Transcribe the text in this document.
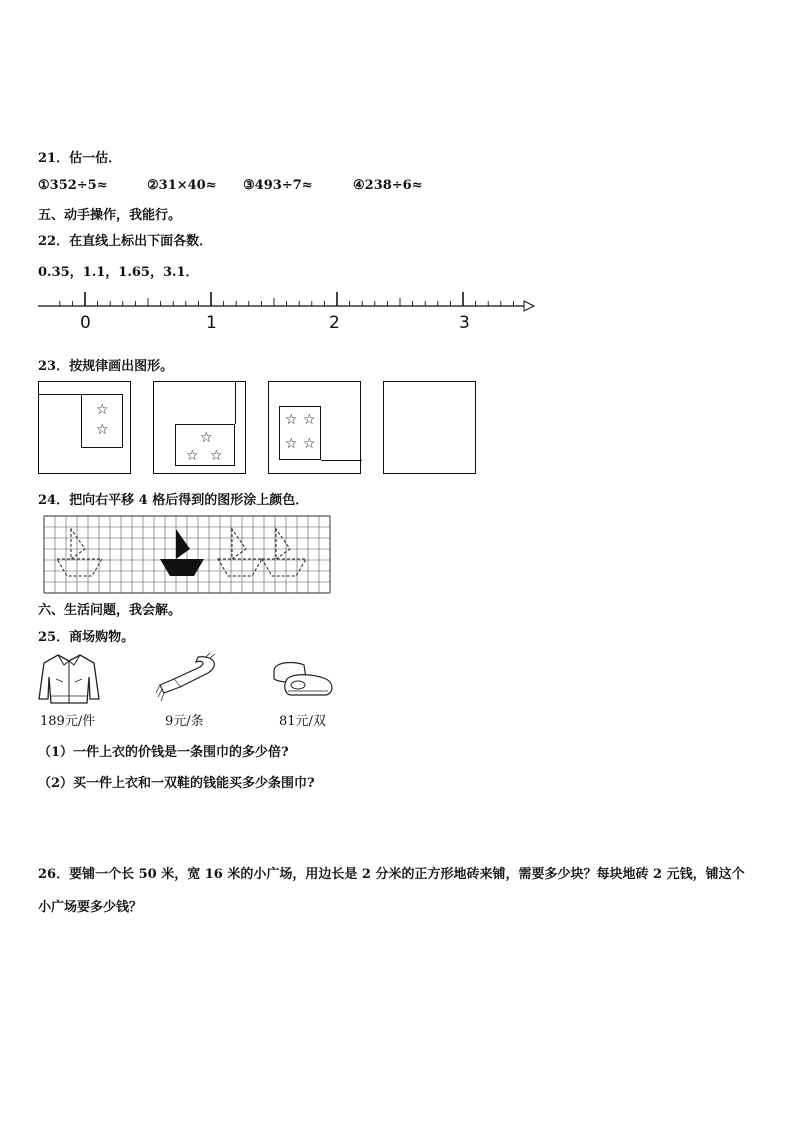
21．估一估．
①352÷5≈	②31×40≈ ③493÷7≈	④238÷6≈
五、动手操作，我能行。
22．在直线上标出下面各数．
0.35，1.1，1.65，3.1．
0	1	2	3
23．按规律画出图形。
☆
☆	☆
☆ ☆
☆ ☆
☆ ☆
24．把向右平移 4 格后得到的图形涂上颜色．
六、生活问题，我会解。
25．商场购物。
189元/件	9元/条	81元/双
（1）一件上衣的价钱是一条围巾的多少倍?
（2）买一件上衣和一双鞋的钱能买多少条围巾?
26．要铺一个长 50 米，宽 16 米的小广场，用边长是 2 分米的正方形地砖来铺，需要多少块？每块地砖 2 元钱，铺这个小广场要多少钱？
